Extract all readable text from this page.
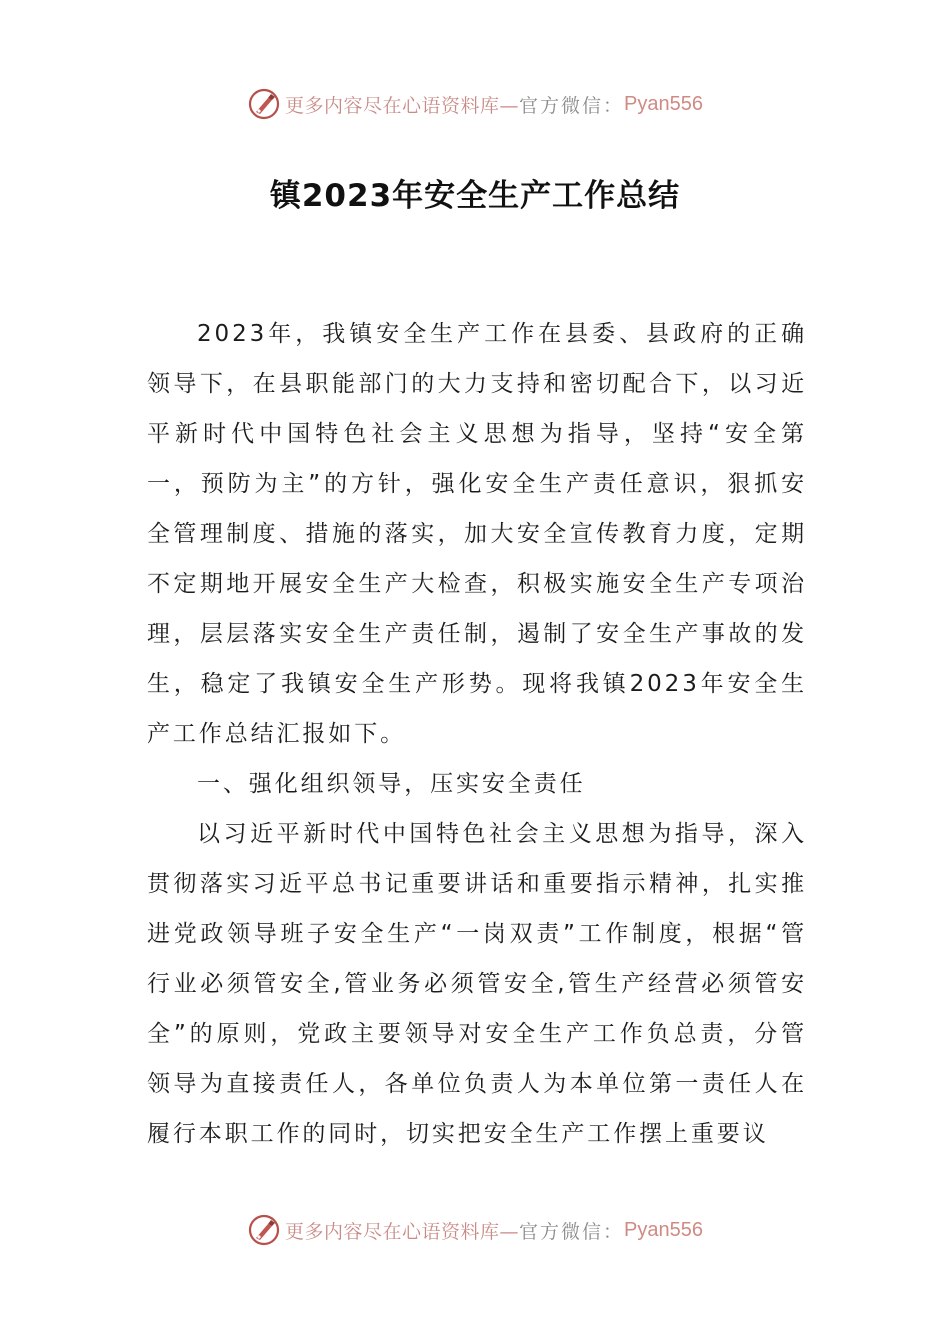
更多内容尽在心语资料库— 官方微信： Pyan556
镇2023年安全生产工作总结

2023年，我镇安全生产工作在县委、县政府的正确领导下，在县职能部门的大力支持和密切配合下，以习近平新时代中国特色社会主义思想为指导，坚持“安全第一，预防为主”的方针，强化安全生产责任意识，狠抓安全管理制度、措施的落实，加大安全宣传教育力度，定期不定期地开展安全生产大检查，积极实施安全生产专项治理，层层落实安全生产责任制，遏制了安全生产事故的发生，稳定了我镇安全生产形势。现将我镇2023年安全生产工作总结汇报如下。

一、强化组织领导，压实安全责任

以习近平新时代中国特色社会主义思想为指导，深入贯彻落实习近平总书记重要讲话和重要指示精神，扎实推进党政领导班子安全生产“一岗双责”工作制度，根据“管行业必须管安全,管业务必须管安全,管生产经营必须管安全”的原则，党政主要领导对安全生产工作负总责，分管领导为直接责任人，各单位负责人为本单位第一责任人在履行本职工作的同时，切实把安全生产工作摆上重要议

更多内容尽在心语资料库— 官方微信： Pyan556
